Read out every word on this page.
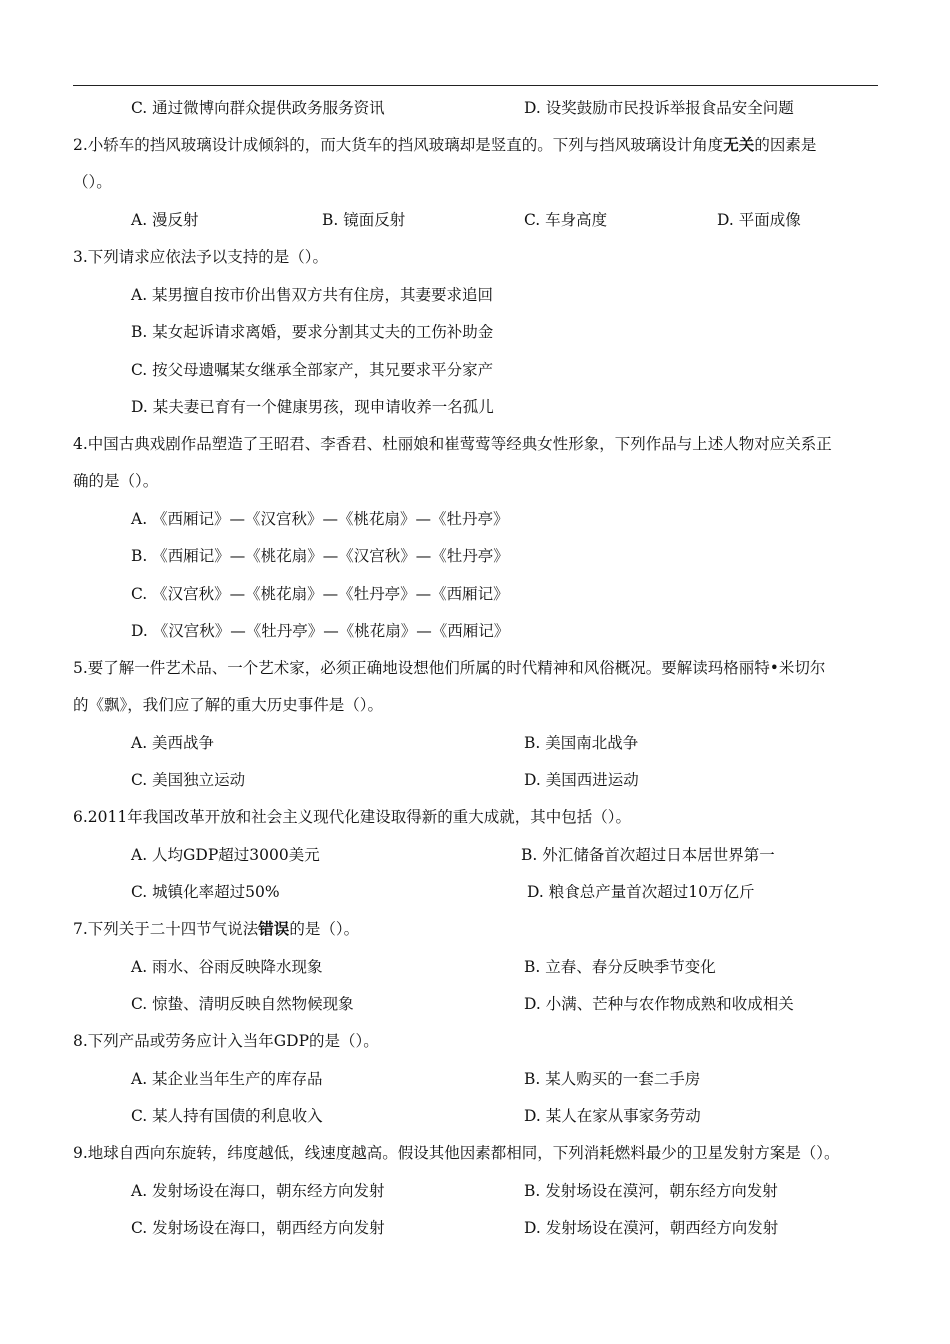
C. 通过微博向群众提供政务服务资讯	D. 设奖鼓励市民投诉举报食品安全问题
2.小轿车的挡风玻璃设计成倾斜的，而大货车的挡风玻璃却是竖直的。下列与挡风玻璃设计角度无关的因素是
（）。
A. 漫反射	B. 镜面反射	C. 车身高度	D. 平面成像
3.下列请求应依法予以支持的是（）。
A. 某男擅自按市价出售双方共有住房，其妻要求追回
B. 某女起诉请求离婚，要求分割其丈夫的工伤补助金
C. 按父母遗嘱某女继承全部家产，其兄要求平分家产
D. 某夫妻已育有一个健康男孩，现申请收养一名孤儿
4.中国古典戏剧作品塑造了王昭君、李香君、杜丽娘和崔莺莺等经典女性形象，下列作品与上述人物对应关系正
确的是（）。
A. 《西厢记》—《汉宫秋》—《桃花扇》—《牡丹亭》
B. 《西厢记》—《桃花扇》—《汉宫秋》—《牡丹亭》
C. 《汉宫秋》—《桃花扇》—《牡丹亭》—《西厢记》
D. 《汉宫秋》—《牡丹亭》—《桃花扇》—《西厢记》
5.要了解一件艺术品、一个艺术家，必须正确地设想他们所属的时代精神和风俗概况。要解读玛格丽特•米切尔
的《飘》，我们应了解的重大历史事件是（）。
A. 美西战争	B. 美国南北战争
C. 美国独立运动	D. 美国西进运动
6.2011年我国改革开放和社会主义现代化建设取得新的重大成就，其中包括（）。
A. 人均GDP超过3000美元	B. 外汇储备首次超过日本居世界第一
C. 城镇化率超过50%	D. 粮食总产量首次超过10万亿斤
7.下列关于二十四节气说法错误的是（）。
A. 雨水、谷雨反映降水现象	B. 立春、春分反映季节变化
C. 惊蛰、清明反映自然物候现象	D. 小满、芒种与农作物成熟和收成相关
8.下列产品或劳务应计入当年GDP的是（）。
A. 某企业当年生产的库存品	B. 某人购买的一套二手房
C. 某人持有国债的利息收入	D. 某人在家从事家务劳动
9.地球自西向东旋转，纬度越低，线速度越高。假设其他因素都相同，下列消耗燃料最少的卫星发射方案是（）。
A. 发射场设在海口，朝东经方向发射	B. 发射场设在漠河，朝东经方向发射
C. 发射场设在海口，朝西经方向发射	D. 发射场设在漠河，朝西经方向发射
